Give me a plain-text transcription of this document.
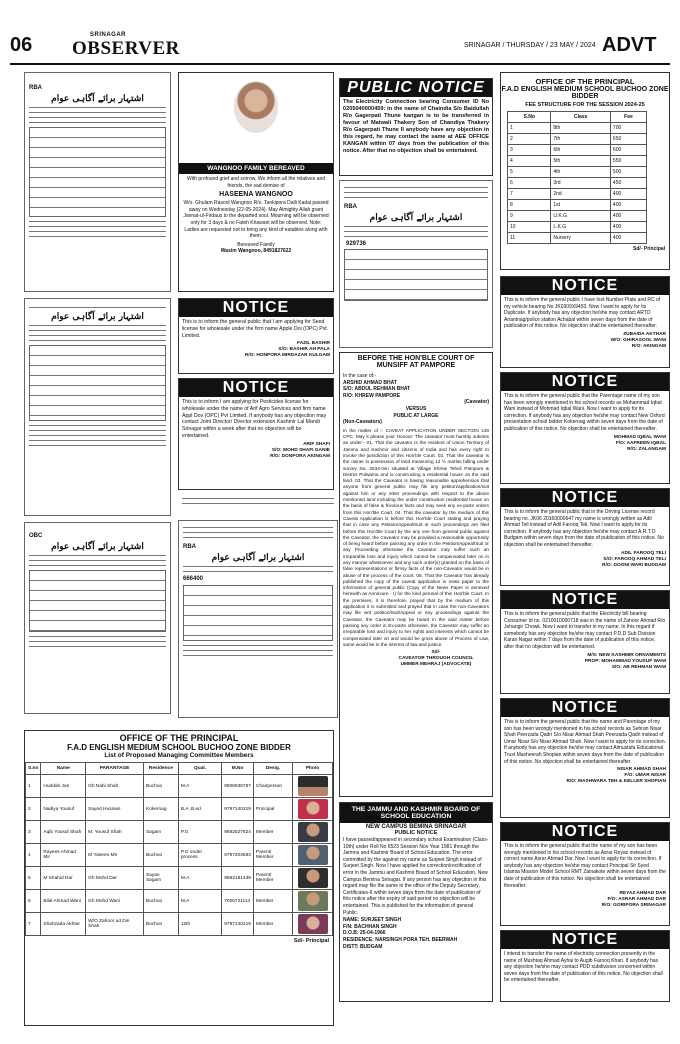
06	SRINAGAR
OBSERVER	SRINAGAR / THURSDAY / 23 MAY / 2024 ADVT
RBA
اشتہار برائے آگاہی عوام
اشتہار برائے آگاہی عوام
OBC
اشتہار برائے آگاہی عوام	RBA
اشتہار برائے آگاہی عوام
666400
WANGNOO FAMILY BEREAVED
With profound grief and sorrow, We inform all the relatives and friends, the sad demise of
HASEENA WANGNOO
W/o. Ghulam Rasool Wangnoo R/o. Tankipora Dalli Kadal passed away on Wednesday (22-05-2024). May Almighty Allah grant Jannat-ul-Firdaus to the departed soul. Mourning will be observed only for 3 days & no Fateh Khawani will be observed. Note: Ladies are requested not to bring any kind of eatables along with them.
Bereaved Family
Wasim Wangnoo, 8491827622
NOTICE
This is to inform the general public that I am applying for Seed license for wholesale under the firm name Apple Doi (OPC) Pvt. Limited.
FAZIL BASHIR
S/O: BASHIR AH PALA
R/O: HONPORA MIRDAZAR KULGAM
NOTICE
This is to inform I am applying for Pesticides license for wholesale under the name of Arif Agro Services and firm name Appl Dov (OPC) Pvt Limited. If anybody has any objection may contact Joint Director/ Director extension Kashmir Lal Mandi Srinagar within a week after that no objection will be entertained.
ARIF SHAFI
S/O: MOHD SHAFI GANIE
R/O: DONPORA AKINGAM
PUBLIC NOTICE
The Electricity Connection bearing Consumer ID No 0205040000459: in the name of Chaindia S/o Baidullah R/o Gagerpati Thune kangan is to be transferred in favour of Matwali Thakery Son of Chandiya Thakery R/o Gagerpati Thune II anybody have any objection in this regard, he may contact the same at AEE OFFICE KANGAN within 07 days from the publication of this notice. After that no objection shall be entertained.
RBA
اشتہار برائے آگاہی عوام
929736
BEFORE THE HON'BLE COURT OF MUNSIFF AT PAMPORE
In the case of:-
ARSHID AHMAD BHAT
S/O: ABDUL REHMAN BHAT
R/O: KHREW PAMPORE
(Caveator)
VERSUS
PUBLIC AT LARGE
(Non-Caveators)
In the matter of :- CAVEAT APPLICATION UNDER SECTION 148 CPC. May it please your Honour: The caveator most humbly submits as under:- 01. That the caveator is the resident of Union Territory of Jammu and Kashmir and citizens of India and has every right to invoke the jurisdiction of this Hon'ble Court. 02. That the caveator is the owner in possession of land measuring 12 ½ marlas falling under survey No. 2534-min situated at Village Khrew Tehsil Pampore & District Pulwama and is constructing a residential house on the said land. 03. That the Caveator is having reasonable apprehension that anyone from general public may file any petition/application/suit against him or any other proceedings with respect to the above mentioned land including the under construction residential house on the basis of false & frivolous facts and may seek any ex-parte orders from this Hon'ble Court. 04. That the caveator by the medium of this Caveat Application is before this Hon'ble Court stating and praying that in case any Petition/Appeal/Suit or such proceedings are filed before this Hon'ble Court by the any one from general public against the Caveator, the Caveator may be provided a reasonable opportunity of being heard before passing any order in the Petition/Appeal/Suit or any Proceeding otherwise the Caveator may suffer such an irreparable loss and injury which cannot be compensated later on in any manner whatsoever and any such order(s) granted on the basis of false representations or flimsy facts of the non-Caveator would be in abuse of the process of the court. 05. That the Caveator has already published the copy of the caveat application in news paper to the information of general public (Copy of the News Paper is annexed herewith as Annexure - I) for the kind perusal of this Hon'ble Court. In the premises, it is therefore, prayed that by the medium of this application it is submitted and prayed that in case the non-Caveators may file writ petition/Suit/Appeal or any proceedings against the Caveator, the Caveator may be heard in the said matter before passing any order in Ex-parte otherwise, the Caveator may suffer an irreparable loss and injury to her rights and interests which cannot be compensated later on and would be gross abuse of Process of Law, same would be in the interest of law and justice.
Sd/-
CAVEATOR THROUGH COUNCIL
UMMER MEHRAJ (ADVOCATE)
THE JAMMU AND KASHMIR BOARD OF SCHOOL EDUCATION
NEW CAMPUS BEMINA SRINAGAR
PUBLIC NOTICE
I have passed/appeared in secondary school Examination (Class-10th) under Roll No 6523 Session Nov Year 1981 through the Jammu and Kashmir Board of School Education. The error committed by the against my name as Surjeet Singh instead of Surjeet Singh. Now I have applied for correction/rectification of error in the Jammu and Kashmir Board of School Education, New Campus Bemina Srinagar. If any person has any objection in this regard may file the same in the office of the Deputy Secretary, Certificates-II within seven days from the date of publication of this notice after the expiry of said period no objection will be entertained. This is published for the information of general Public.
NAME: SURJEET SINGH
F/N: BACHHAN SINGH
D.O.B: 25-04-1966
RESIDENCE: NARSINGH PORA TEH. BEERWAH
DISTT: BUDGAM
OFFICE OF THE PRINCIPAL
F.A.D ENGLISH MEDIUM SCHOOL BUCHOO ZONE BIDDER
List of Proposed Managing Committee Members
S.no	Name	PARANTAGE	Residence	Qual.	M.No	Desig.	Photo
1	Huddah Jan	Gh Nabi Shah	Buchoo	M.A	9906936787	Chairperson	

2	Nadiya Yousuf	Sayed Hussain	Kokernag	B.A ,B.ed	9797140219	Principal	

3	Aqib Yousuf Shah	M. Yousuf Shah	Sagam	P.G	9682527624	Member	

4	Rayees Ahmad Mir	M Yaseen Mir	Buchoo	P.G under process	9797203683	Parent/ Member	

5	M Shahid Dar	Gh Mohd Dar	Sayan Sagam	M.A	9682181438	Parent/ Member	

6	Bilal Ahmad Wani	Gh Mohd Wani	Buchoo	M.A	7006721114	Member	

7	Shahzada Akhtar	W/O Zahoor ud Din Shah	Buchoo	12th	9797140219	Member	
Sd/- Principal
OFFICE OF THE PRINCIPAL
F.A.D ENGLISH MEDIUM SCHOOL BUCHOO ZONE BIDDER
FEE STRUCTURE FOR THE SESSION 2024-25
S.No	Class	Fee
1	8th	700
2	7th	650
3	6th	600
4	5th	550
5	4th	500
6	3rd	450
7	2nd	400
8	1st	400
9	U.K.G	400
10	L.K.G	400
11	Nursery	400
Sd/- Principal
NOTICE
This is to inform the general public I have lost Number Plate and RC of my vehicle bearing No JK0309X9453. Now I want to apply for its Duplicate. If anybody has any objection he/she may contact ARTO Anantnag/police station Achabal within seven days from the date of publication of this notice. No objection shall be entertained thereafter.
ZUBAIDA AKTHAR
W/O: GHIRASOOL WANI
R/O: AKINGAM
NOTICE
This is to inform the general public that the Parentage name of my son has been wrongly mentioned in his school records as Mohammad Iqbal Wani instead of Mohmad Iqbal Wani. Now I want to apply for its correction. If anybody has any objection he/she may contact New Oxford presentation school bidder Kokernag within seven days from the date of publication of this notice. No objection shall be entertained thereafter.
MOHMAD IQBAL WANI
F/O: AAFREEN IQBAL
R/O: ZALANGAM
NOTICE
This is to inform the general public that in the Driving License record bearing no. JK06 20160000647 my name is wrongly written as Adil Ahmad Teli instead of Adil Farooq Teli. Now I want to apply for its correction. If anybody has any objection he/she may contact A.R.T.O Budgam within seven days from the date of publication of this notice. No objection shall be entertained thereafter.
ADIL FAROOQ TELI
S/O: FAROOQ AHMAD TELI
R/O: DOONI WARI BUDGAM
NOTICE
This is to inform the general public that the Electricity bill bearing Consumer Id no. 0210010000718 was in the name of Zahoor Ahmad R/o Jehangir Chowk. Now I want to transfer in my name. In this regard if somebody has any objection he/she may contact P.D.D Sub Division Karan Nagar within 7 days from the date of publication of this notice, after that no objection will be entertained.
M/S: NEW KASHMIR ORNAMENTS
PROP: MOHAMMAD YOUSUF WANI
S/O: AB REHMAN WANI
NOTICE
This is to inform the general public that the name and Parentage of my son has been wrongly mentioned in his school records as Sehran Nisar Shah Peerzada Qadri S/o Nisar Ahmad Shah Peerzada Qadri instead of Umar Nisar S/o Nisar Ahmad Shah. Now I want to apply for its correction. If anybody has any objection he/she may contact Almustafa Educational Trust Masheerah Shopian within seven days from the date of publication of this notice. No objection shall be entertained thereafter.
NISAR AHMAD SHAH
F/O: UMAR NISAR
R/O: MASHWARA TEH & KELLER SHOPIAN
NOTICE
This is to inform the general public that the name of my son has been wrongly mentioned in his school records as Asrar Reyaz instead of correct name Asrar Ahmad Dar. Now I want to apply for its correction. If anybody has any objection he/she may contact Principal Sir Syed Islamia Mission Model School RMT Zainakote within seven days from the date of publication of this notice. No objection shall be entertained thereafter.
REYAZ AHMAD DAR
F/O: ASRAR AHMAD DAR
R/O: GORIPORA SRINAGAR
NOTICE
I intend to transfer the name of electricity connection presently in the name of Mushtaq Ahmad Ayhai to Augib Farooq Khan. If anybody has any objection he/she may contact PDD subdivision concerned within seven days from the date of publication of this notice. No objection shall be entertained thereafter.
